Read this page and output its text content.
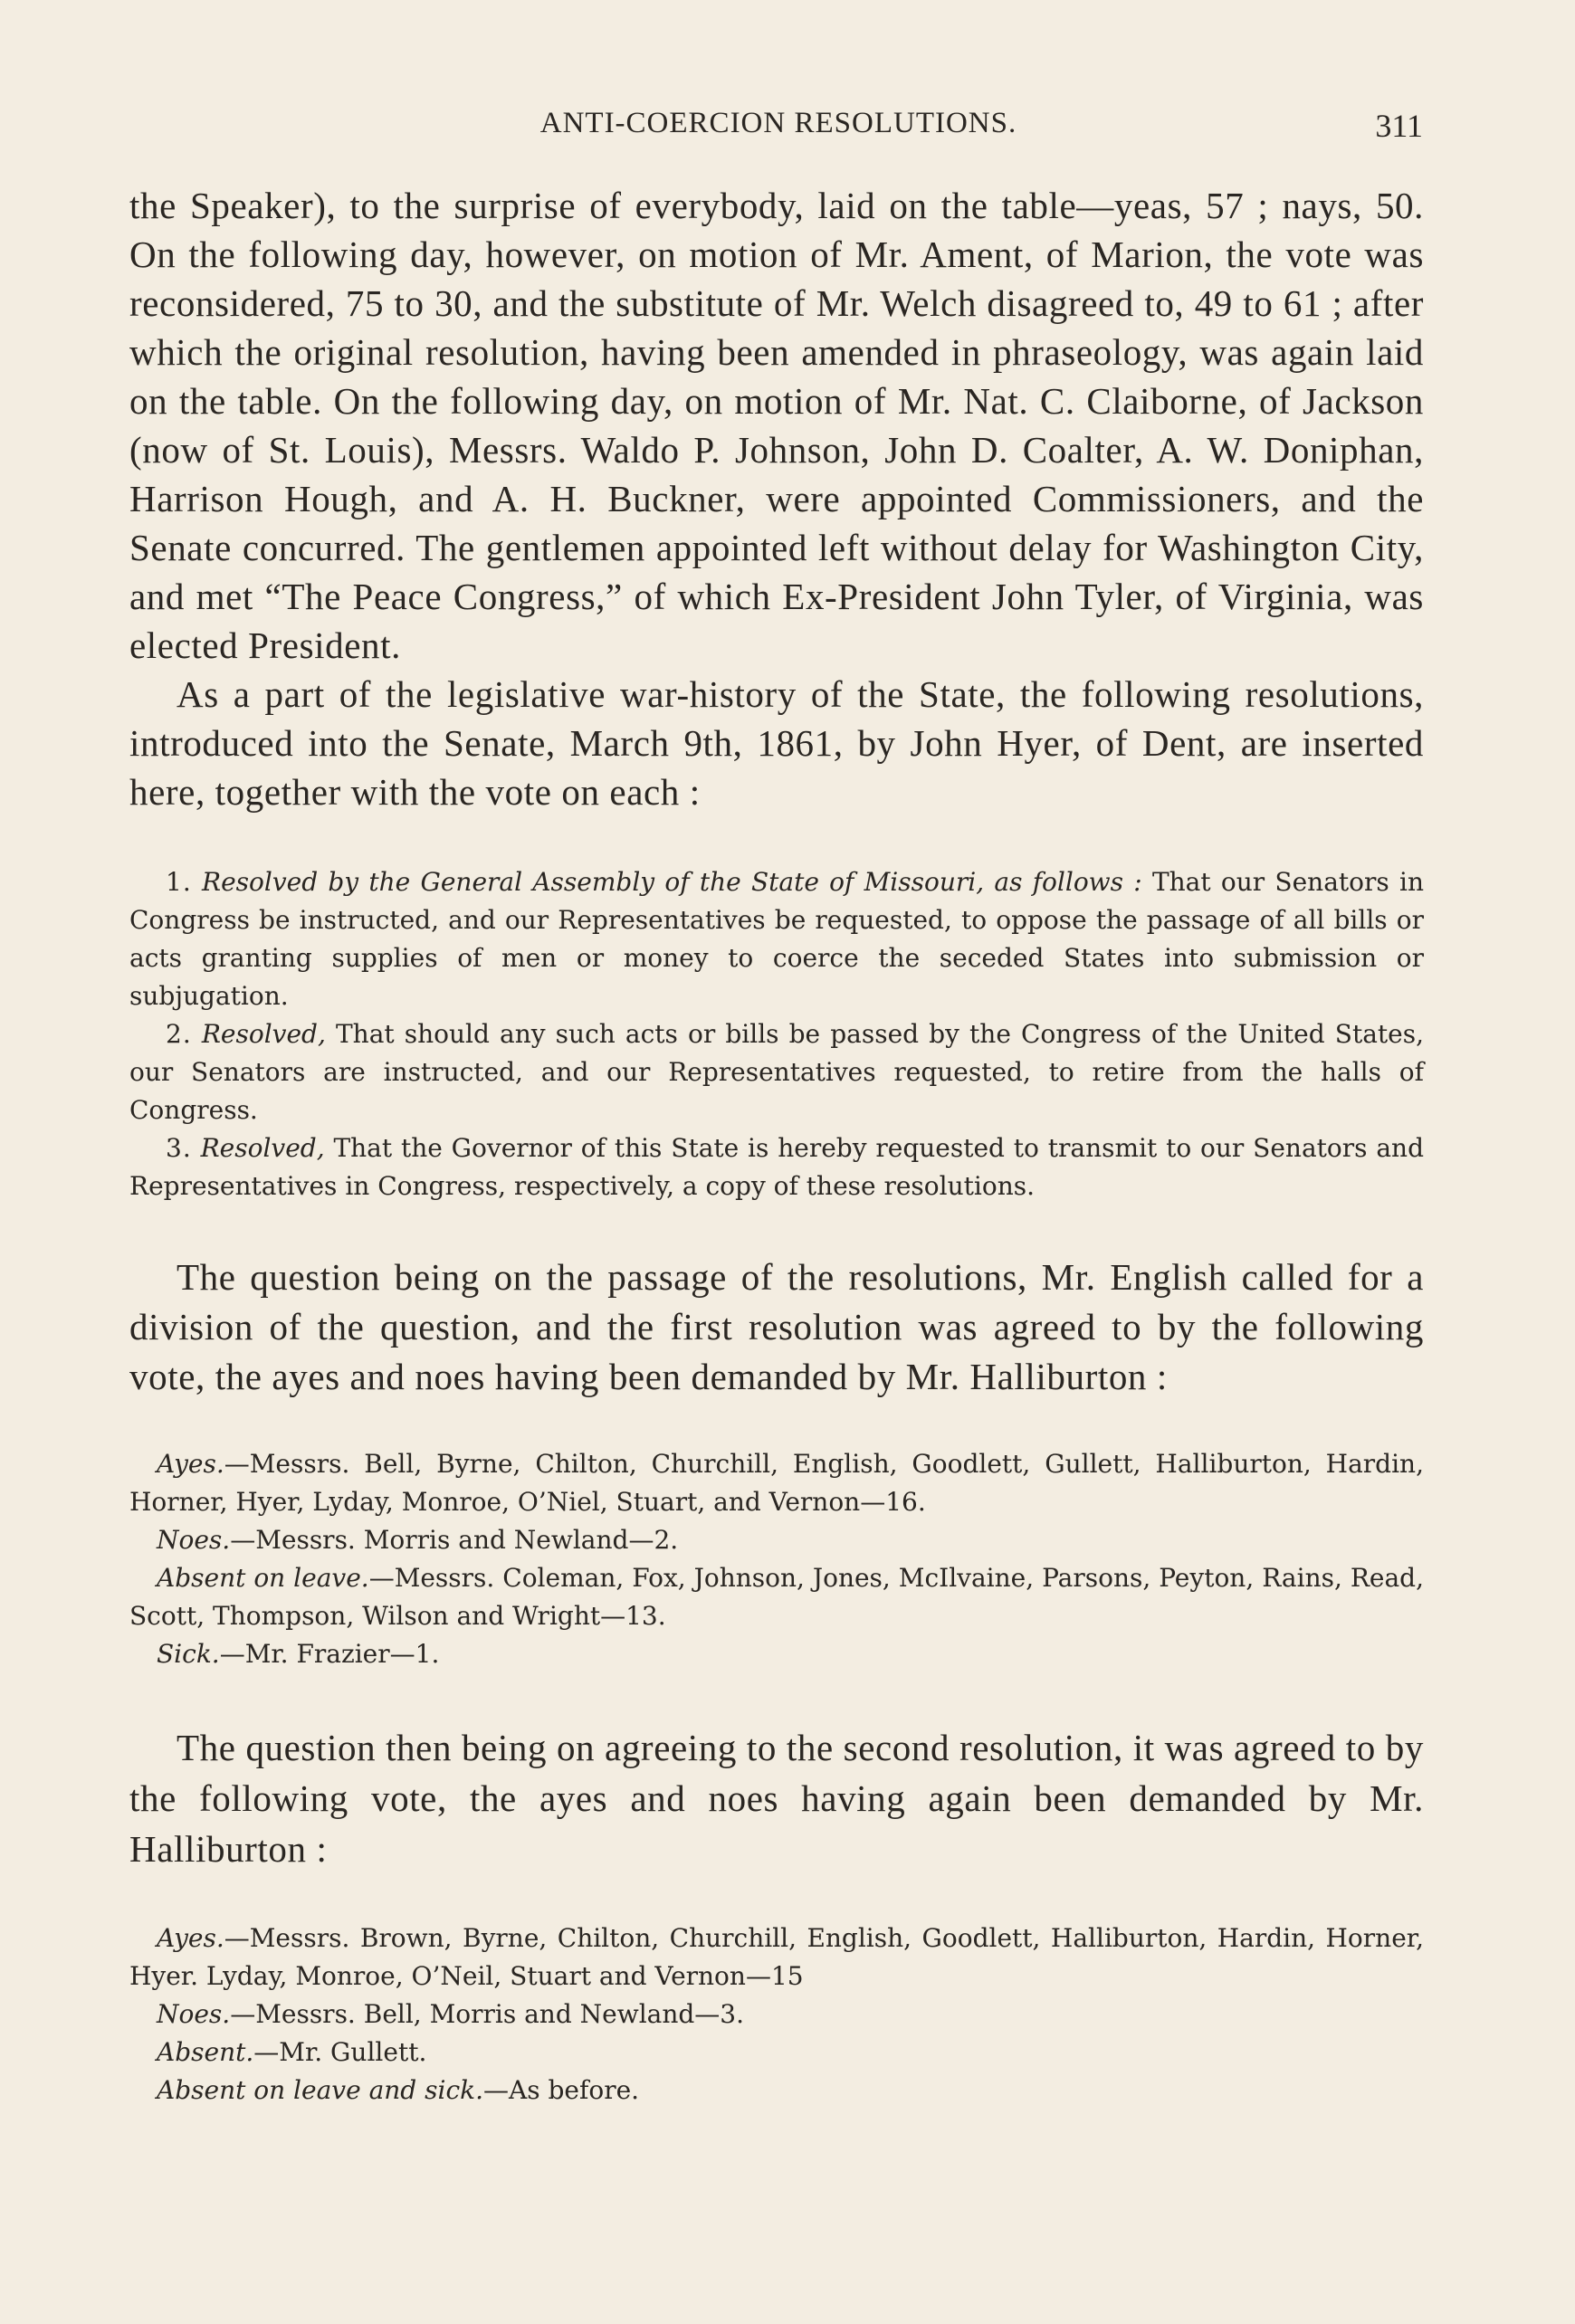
ANTI-COERCION RESOLUTIONS.	311

the Speaker), to the surprise of everybody, laid on the table—yeas, 57 ; nays, 50. On the following day, however, on motion of Mr. Ament, of Marion, the vote was reconsidered, 75 to 30, and the substitute of Mr. Welch disagreed to, 49 to 61 ; after which the original resolution, having been amended in phraseology, was again laid on the table. On the following day, on motion of Mr. Nat. C. Claiborne, of Jackson (now of St. Louis), Messrs. Waldo P. Johnson, John D. Coalter, A. W. Doniphan, Harrison Hough, and A. H. Buckner, were appointed Commissioners, and the Senate concurred. The gentlemen appointed left without delay for Washington City, and met “The Peace Congress,” of which Ex-President John Tyler, of Virginia, was elected President.

As a part of the legislative war-history of the State, the following resolutions, introduced into the Senate, March 9th, 1861, by John Hyer, of Dent, are inserted here, together with the vote on each :

1. Resolved by the General Assembly of the State of Missouri, as follows : That our Senators in Congress be instructed, and our Representatives be requested, to oppose the passage of all bills or acts granting supplies of men or money to coerce the seceded States into submission or subjugation.

2. Resolved, That should any such acts or bills be passed by the Congress of the United States, our Senators are instructed, and our Representatives requested, to retire from the halls of Congress.

3. Resolved, That the Governor of this State is hereby requested to transmit to our Senators and Representatives in Congress, respectively, a copy of these resolutions.

The question being on the passage of the resolutions, Mr. English called for a division of the question, and the first resolution was agreed to by the following vote, the ayes and noes having been demanded by Mr. Halliburton :

Ayes.—Messrs. Bell, Byrne, Chilton, Churchill, English, Goodlett, Gullett, Halliburton, Hardin, Horner, Hyer, Lyday, Monroe, O’Niel, Stuart, and Vernon—16.

Noes.—Messrs. Morris and Newland—2.

Absent on leave.—Messrs. Coleman, Fox, Johnson, Jones, McIlvaine, Parsons, Peyton, Rains, Read, Scott, Thompson, Wilson and Wright—13.

Sick.—Mr. Frazier—1.

The question then being on agreeing to the second resolution, it was agreed to by the following vote, the ayes and noes having again been demanded by Mr. Halliburton :

Ayes.—Messrs. Brown, Byrne, Chilton, Churchill, English, Goodlett, Halliburton, Hardin, Horner, Hyer. Lyday, Monroe, O’Neil, Stuart and Vernon—15

Noes.—Messrs. Bell, Morris and Newland—3.

Absent.—Mr. Gullett.

Absent on leave and sick.—As before.
